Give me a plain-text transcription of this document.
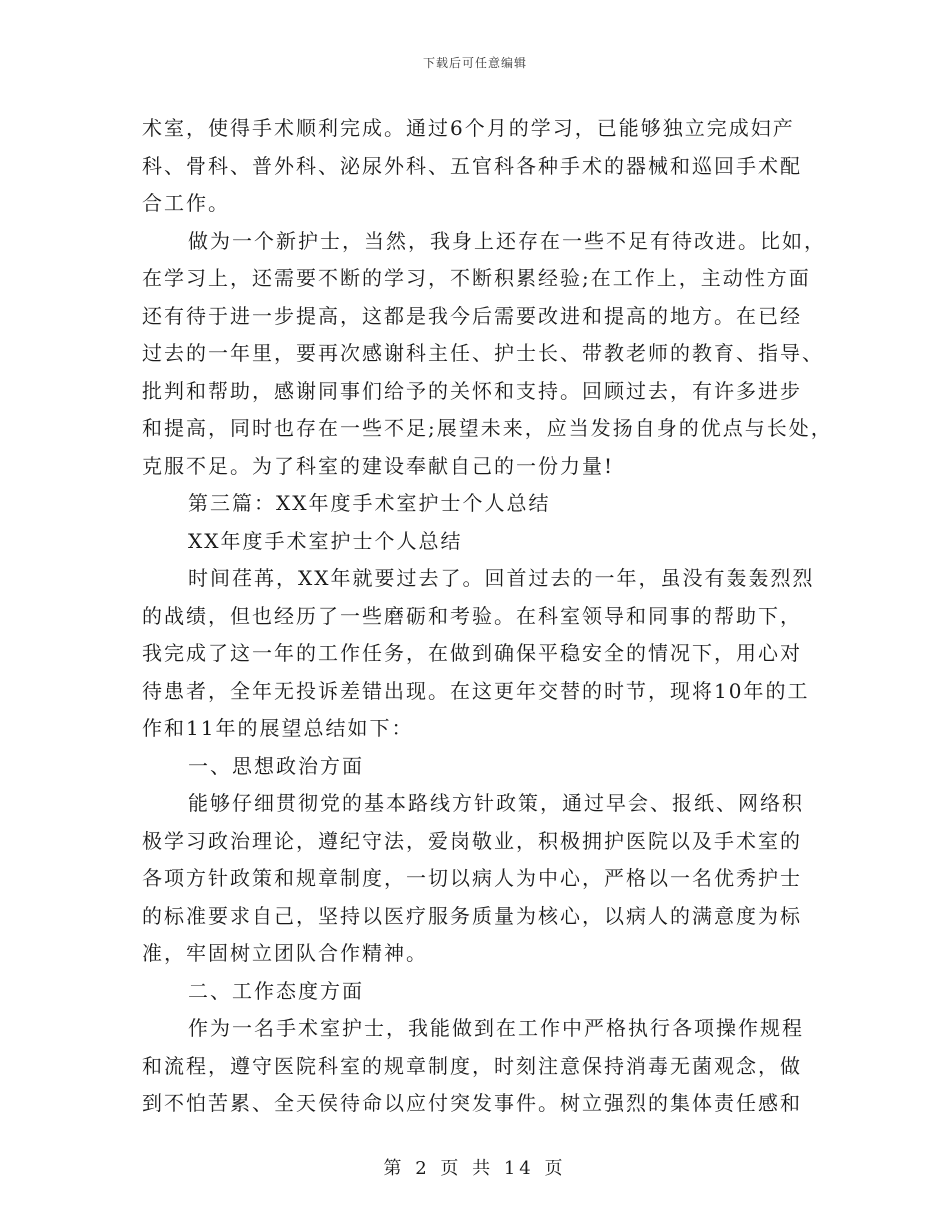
下载后可任意编辑
术室，使得手术顺利完成。通过6个月的学习，已能够独立完成妇产
科、骨科、普外科、泌尿外科、五官科各种手术的器械和巡回手术配
合工作。
做为一个新护士，当然，我身上还存在一些不足有待改进。比如，
在学习上，还需要不断的学习，不断积累经验;在工作上，主动性方面
还有待于进一步提高，这都是我今后需要改进和提高的地方。在已经
过去的一年里，要再次感谢科主任、护士长、带教老师的教育、指导、
批判和帮助，感谢同事们给予的关怀和支持。回顾过去，有许多进步
和提高，同时也存在一些不足;展望未来，应当发扬自身的优点与长处，
克服不足。为了科室的建设奉献自己的一份力量!
第三篇：XX年度手术室护士个人总结
XX年度手术室护士个人总结
时间荏苒，XX年就要过去了。回首过去的一年，虽没有轰轰烈烈
的战绩，但也经历了一些磨砺和考验。在科室领导和同事的帮助下，
我完成了这一年的工作任务，在做到确保平稳安全的情况下，用心对
待患者，全年无投诉差错出现。在这更年交替的时节，现将10年的工
作和11年的展望总结如下：
一、思想政治方面
能够仔细贯彻党的基本路线方针政策，通过早会、报纸、网络积
极学习政治理论，遵纪守法，爱岗敬业，积极拥护医院以及手术室的
各项方针政策和规章制度，一切以病人为中心，严格以一名优秀护士
的标准要求自己，坚持以医疗服务质量为核心，以病人的满意度为标
准，牢固树立团队合作精神。
二、工作态度方面
作为一名手术室护士，我能做到在工作中严格执行各项操作规程
和流程，遵守医院科室的规章制度，时刻注意保持消毒无菌观念，做
到不怕苦累、全天侯待命以应付突发事件。树立强烈的集体责任感和
第 2 页 共 14 页
